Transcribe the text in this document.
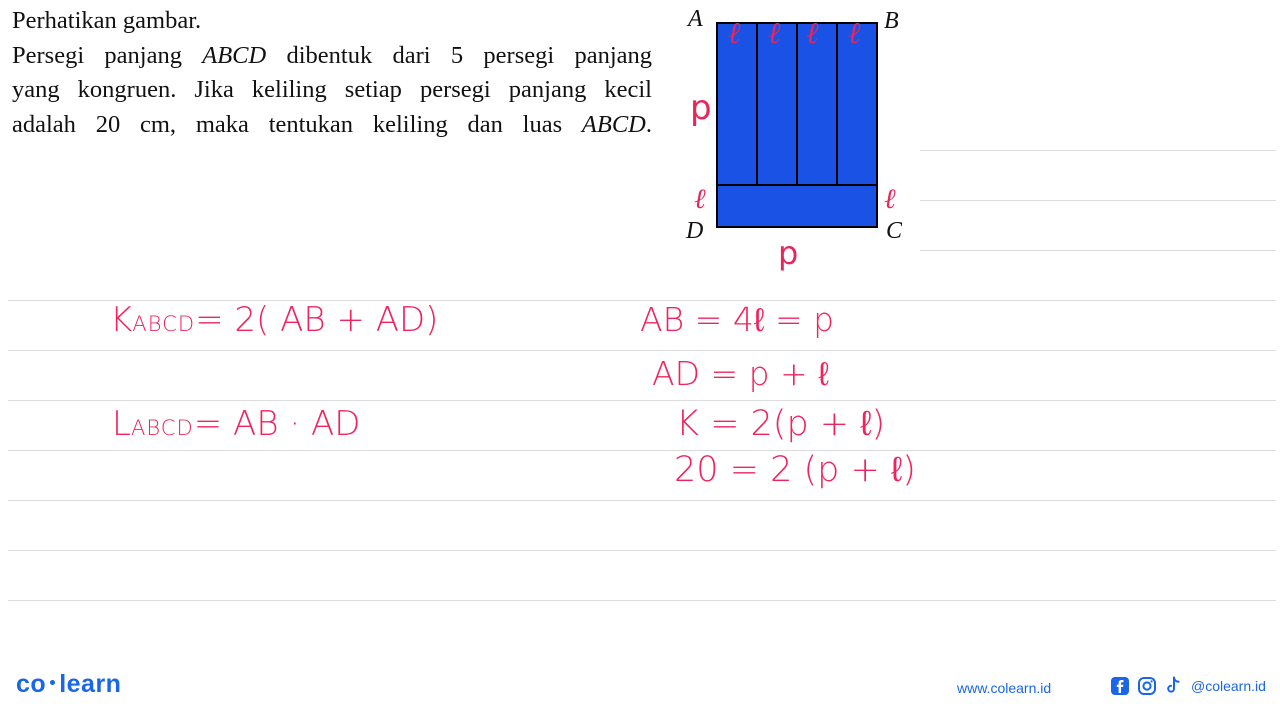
Perhatikan gambar.
Persegi panjang ABCD dibentuk dari 5 persegi panjang
yang kongruen. Jika keliling setiap persegi panjang kecil
adalah 20 cm, maka tentukan keliling dan luas ABCD.
A	B
D	C
ℓ ℓ ℓ ℓ
p
ℓ	ℓ
p
KABCD= 2( AB + AD)
LABCD= AB · AD
AB = 4ℓ = p
AD = p + ℓ
K = 2(p + ℓ)
20 = 2 (p + ℓ)
co learn	www.colearn.id	@colearn.id
